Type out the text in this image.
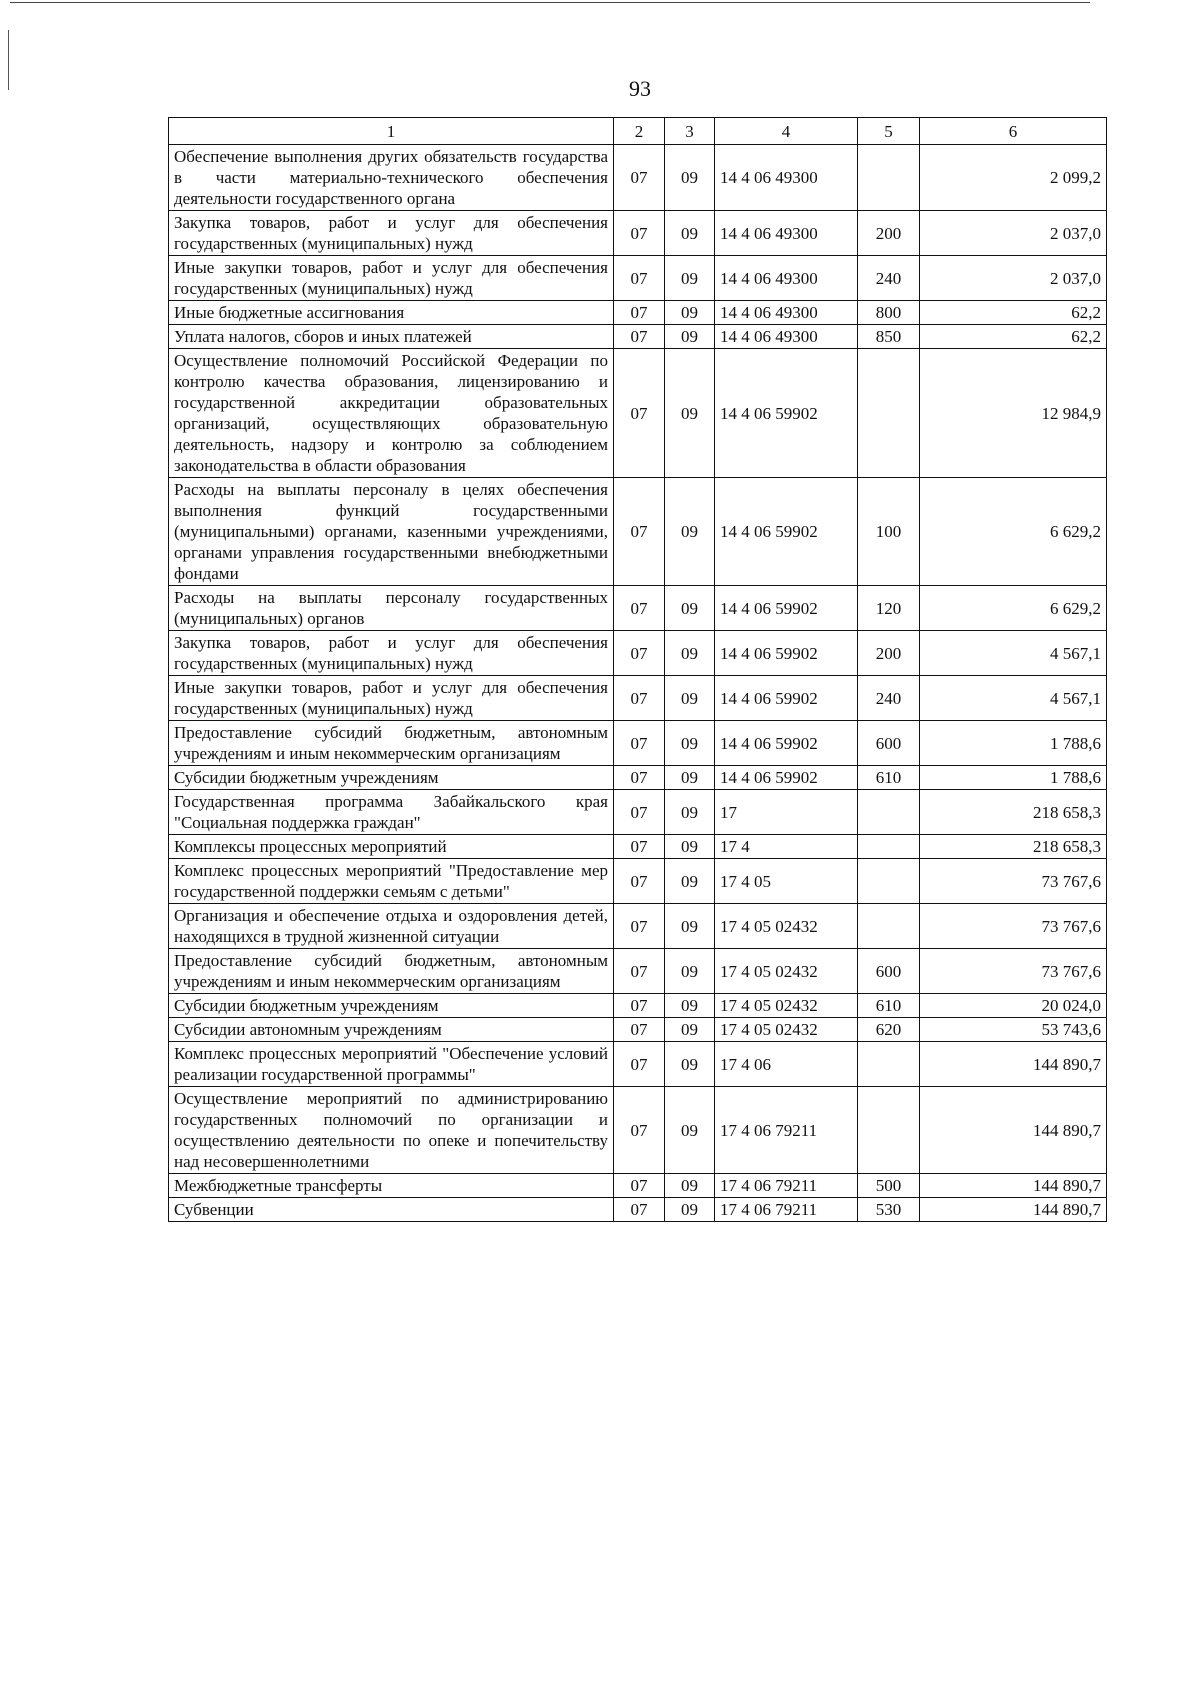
93
1	2	3	4	5	6
Обеспечение выполнения других обязательств государства в части материально-технического обеспечения деятельности государственного органа	07	09	14 4 06 49300		2 099,2
Закупка товаров, работ и услуг для обеспечения государственных (муниципальных) нужд	07	09	14 4 06 49300	200	2 037,0
Иные закупки товаров, работ и услуг для обеспечения государственных (муниципальных) нужд	07	09	14 4 06 49300	240	2 037,0
Иные бюджетные ассигнования	07	09	14 4 06 49300	800	62,2
Уплата налогов, сборов и иных платежей	07	09	14 4 06 49300	850	62,2
Осуществление полномочий Российской Федерации по контролю качества образования, лицензированию и государственной аккредитации образовательных организаций, осуществляющих образовательную деятельность, надзору и контролю за соблюдением законодательства в области образования	07	09	14 4 06 59902		12 984,9
Расходы на выплаты персоналу в целях обеспечения выполнения функций государственными (муниципальными) органами, казенными учреждениями, органами управления государственными внебюджетными фондами	07	09	14 4 06 59902	100	6 629,2
Расходы на выплаты персоналу государственных (муниципальных) органов	07	09	14 4 06 59902	120	6 629,2
Закупка товаров, работ и услуг для обеспечения государственных (муниципальных) нужд	07	09	14 4 06 59902	200	4 567,1
Иные закупки товаров, работ и услуг для обеспечения государственных (муниципальных) нужд	07	09	14 4 06 59902	240	4 567,1
Предоставление субсидий бюджетным, автономным учреждениям и иным некоммерческим организациям	07	09	14 4 06 59902	600	1 788,6
Субсидии бюджетным учреждениям	07	09	14 4 06 59902	610	1 788,6
Государственная программа Забайкальского края "Социальная поддержка граждан"	07	09	17		218 658,3
Комплексы процессных мероприятий	07	09	17 4		218 658,3
Комплекс процессных мероприятий "Предоставление мер государственной поддержки семьям с детьми"	07	09	17 4 05		73 767,6
Организация и обеспечение отдыха и оздоровления детей, находящихся в трудной жизненной ситуации	07	09	17 4 05 02432		73 767,6
Предоставление субсидий бюджетным, автономным учреждениям и иным некоммерческим организациям	07	09	17 4 05 02432	600	73 767,6
Субсидии бюджетным учреждениям	07	09	17 4 05 02432	610	20 024,0
Субсидии автономным учреждениям	07	09	17 4 05 02432	620	53 743,6
Комплекс процессных мероприятий "Обеспечение условий реализации государственной программы"	07	09	17 4 06		144 890,7
Осуществление мероприятий по администрированию государственных полномочий по организации и осуществлению деятельности по опеке и попечительству над несовершеннолетними	07	09	17 4 06 79211		144 890,7
Межбюджетные трансферты	07	09	17 4 06 79211	500	144 890,7
Субвенции	07	09	17 4 06 79211	530	144 890,7
